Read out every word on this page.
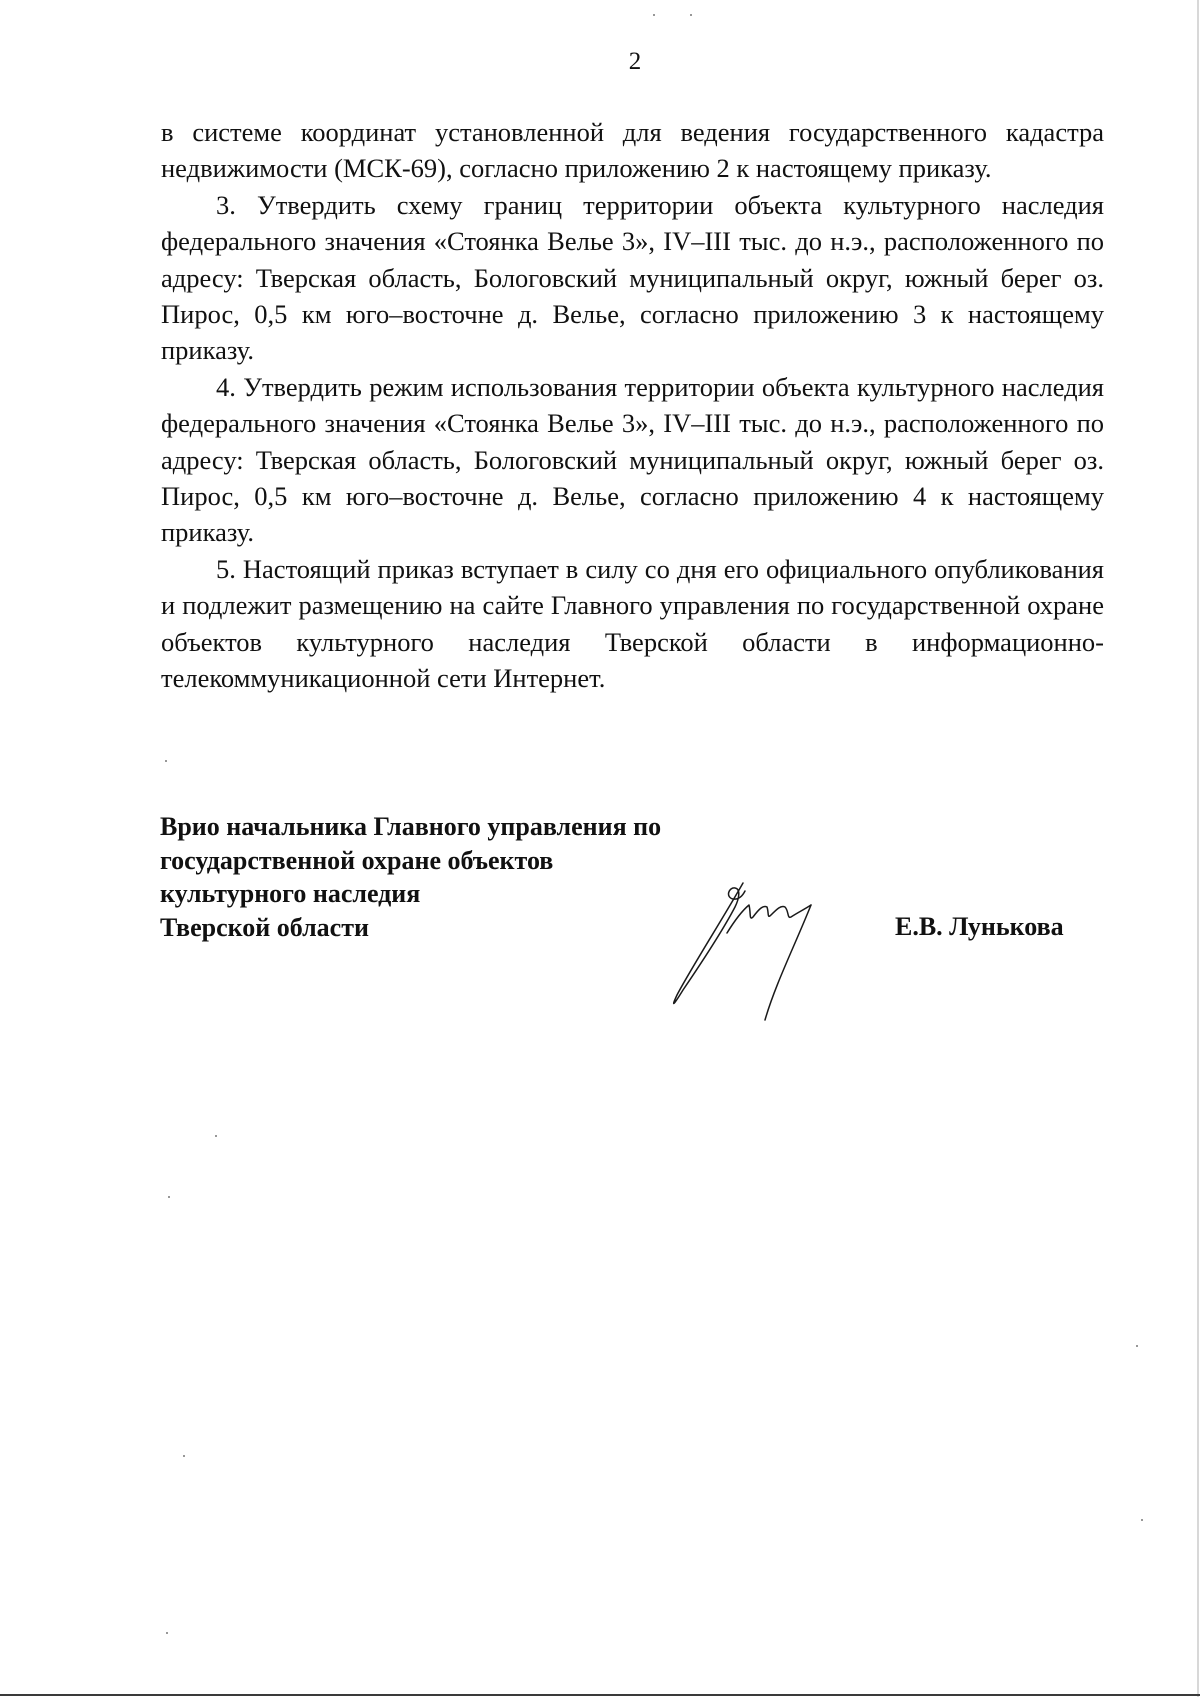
2

в системе координат установленной для ведения государственного кадастра недвижимости (МСК-69), согласно приложению 2 к настоящему приказу.

3. Утвердить схему границ территории объекта культурного наследия федерального значения «Стоянка Велье 3», IV–III тыс. до н.э., расположенного по адресу: Тверская область, Бологовский муниципальный округ, южный берег оз. Пирос, 0,5 км юго–восточне д. Велье, согласно приложению 3 к настоящему приказу.

4. Утвердить режим использования территории объекта культурного наследия федерального значения «Стоянка Велье 3», IV–III тыс. до н.э., расположенного по адресу: Тверская область, Бологовский муниципальный округ, южный берег оз. Пирос, 0,5 км юго–восточне д. Велье, согласно приложению 4 к настоящему приказу.

5. Настоящий приказ вступает в силу со дня его официального опубликования и подлежит размещению на сайте Главного управления по государственной охране объектов культурного наследия Тверской области в информационно-телекоммуникационной сети Интернет.

Врио начальника Главного управления по
государственной охране объектов
культурного наследия
Тверской области	Е.В. Лунькова
